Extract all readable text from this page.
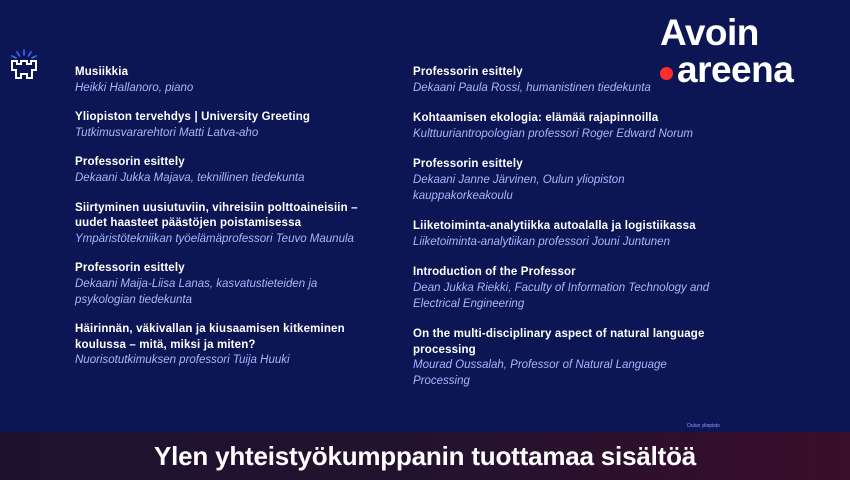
Musiikkia
Heikki Hallanoro, piano
Yliopiston tervehdys | University Greeting
Tutkimusvararehtori Matti Latva-aho
Professorin esittely
Dekaani Jukka Majava, teknillinen tiedekunta
Siirtyminen uusiutuviin, vihreisiin polttoaineisiin – uudet haasteet päästöjen poistamisessa
Ympäristötekniikan työelämäprofessori Teuvo Maunula
Professorin esittely
Dekaani Maija-Liisa Lanas, kasvatustieteiden ja psykologian tiedekunta
Häirinnän, väkivallan ja kiusaamisen kitkeminen koulussa – mitä, miksi ja miten?
Nuorisotutkimuksen professori Tuija Huuki
Professorin esittely
Dekaani Paula Rossi, humanistinen tiedekunta
Kohtaamisen ekologia: elämää rajapinnoilla
Kulttuuriantropologian professori Roger Edward Norum
Professorin esittely
Dekaani Janne Järvinen, Oulun yliopiston kauppakorkeakoulu
Liiketoiminta-analytiikka autoalalla ja logistiikassa
Liiketoiminta-analytiikan professori Jouni Juntunen
Introduction of the Professor
Dean Jukka Riekki, Faculty of Information Technology and Electrical Engineering
On the multi-disciplinary aspect of natural language processing
Mourad Oussalah, Professor of Natural Language Processing
Avoin
areena
Oulun yliopisto
Ylen yhteistyökumppanin tuottamaa sisältöä
